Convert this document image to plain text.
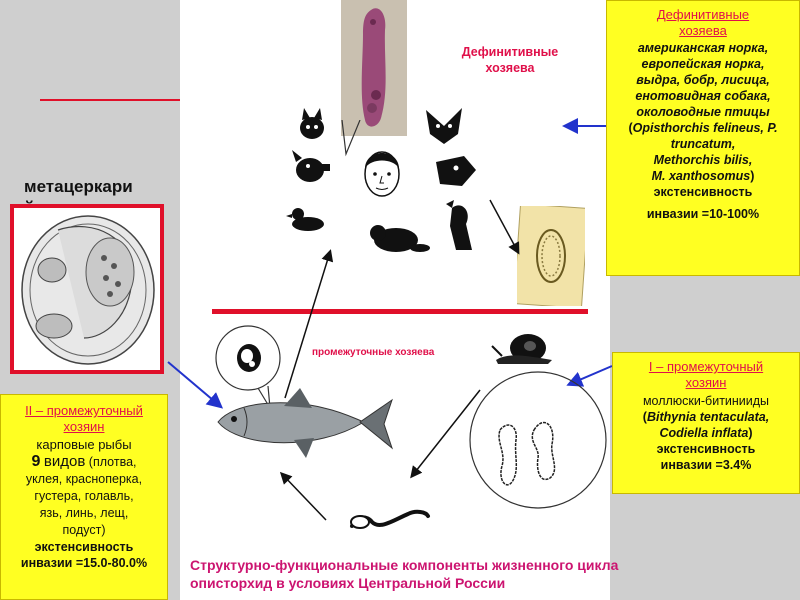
Дефинитивные
хозяева
промежуточные хозяева
метацеркари
Дефинитивные
хозяева
американская норка,
европейская норка,
выдра, бобр, лисица,
енотовидная собака,
околоводные птицы
(Opisthorchis felineus, P.
truncatum,
Methorchis bilis,
M. xanthosomus)
экстенсивность
инвазии =10-100%
I – промежуточный
хозяин
моллюски-битинииды
(Bithynia tentaculata,
Codiella inflata)
экстенсивность
инвазии =3.4%
II – промежуточный
хозяин
карповые рыбы
9 видов (плотва,
уклея, красноперка,
густера, голавль,
язь, линь, лещ,
подуст)
экстенсивность
инвазии =15.0-80.0%	Структурно-функциональные компоненты жизненного цикла
описторхид в условиях Центральной России
